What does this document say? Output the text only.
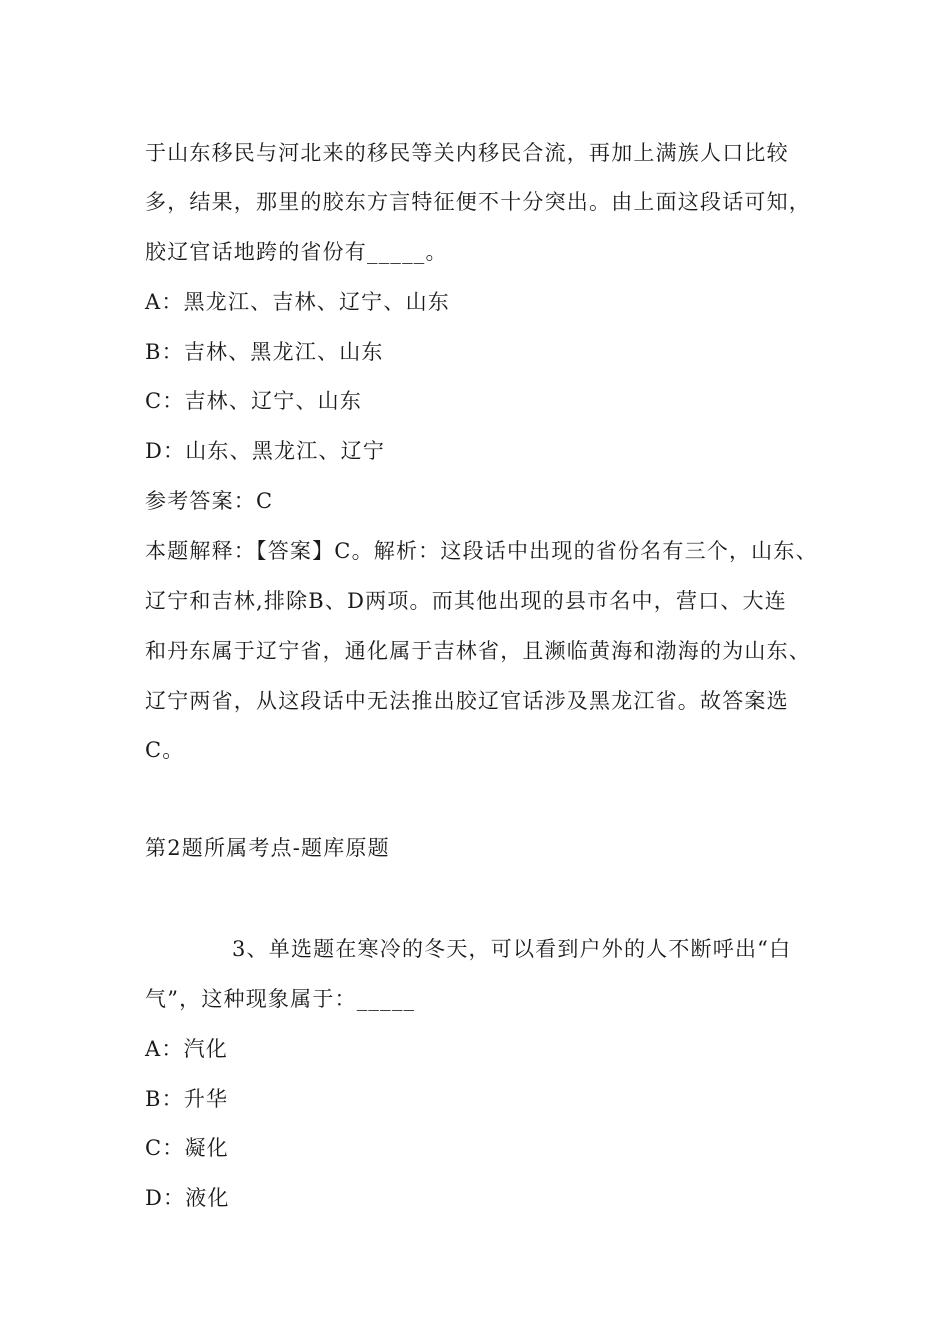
于山东移民与河北来的移民等关内移民合流，再加上满族人口比较
多，结果，那里的胶东方言特征便不十分突出。由上面这段话可知，
胶辽官话地跨的省份有_____。
A：黑龙江、吉林、辽宁、山东
B：吉林、黑龙江、山东
C：吉林、辽宁、山东
D：山东、黑龙江、辽宁
参考答案：C
本题解释：【答案】C。解析：这段话中出现的省份名有三个，山东、
辽宁和吉林,排除B、D两项。而其他出现的县市名中，营口、大连
和丹东属于辽宁省，通化属于吉林省，且濒临黄海和渤海的为山东、
辽宁两省，从这段话中无法推出胶辽官话涉及黑龙江省。故答案选
C。
第2题所属考点-题库原题
3、单选题在寒冷的冬天，可以看到户外的人不断呼出“白
气”，这种现象属于：_____
A：汽化
B：升华
C：凝化
D：液化
